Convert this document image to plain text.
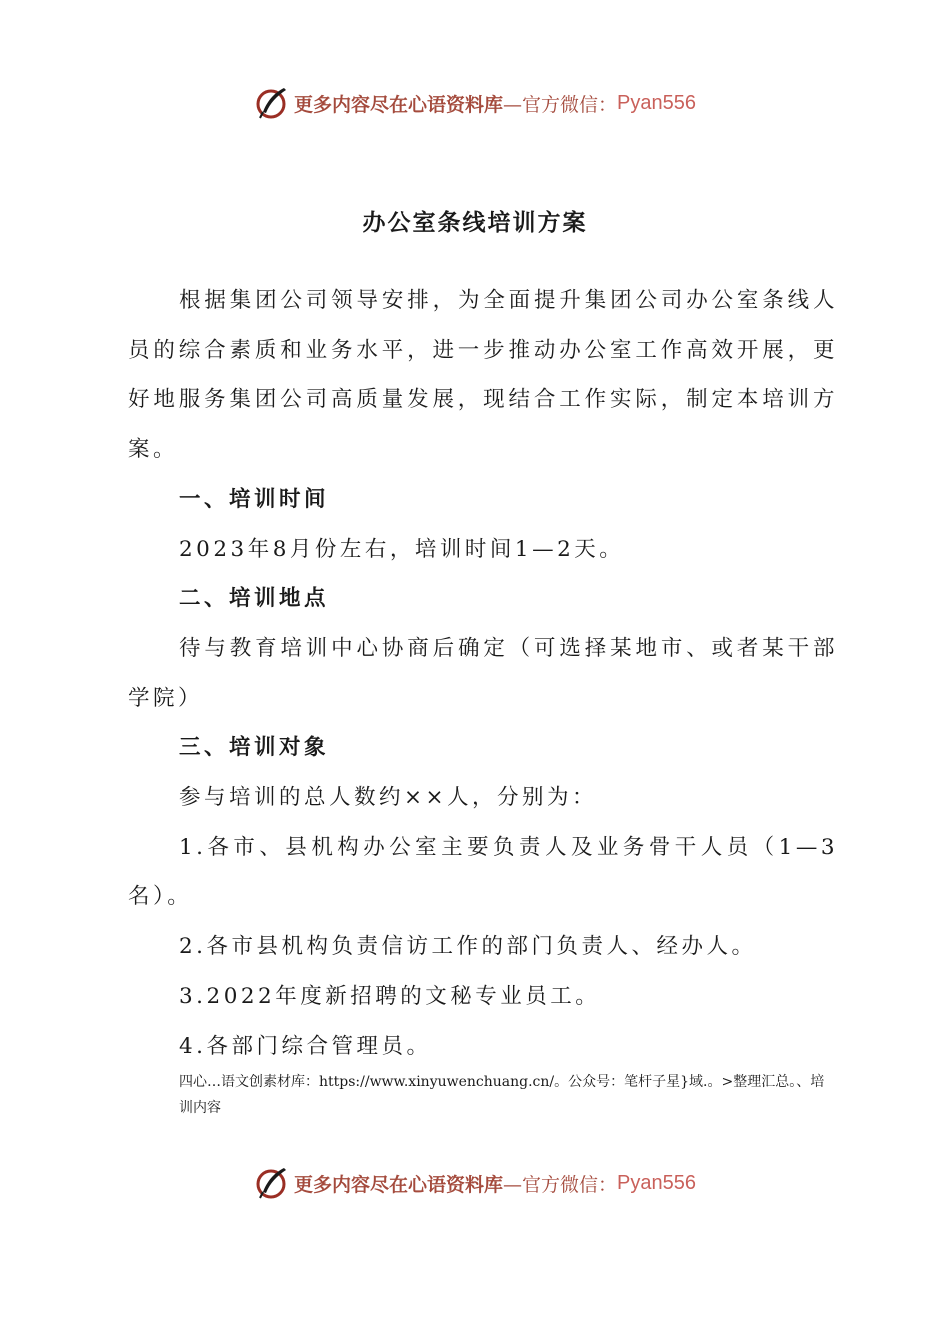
更多内容尽在心语资料库 —官方微信： Pyan556
办公室条线培训方案

根据集团公司领导安排，为全面提升集团公司办公室条线人员的综合素质和业务水平，进一步推动办公室工作高效开展，更好地服务集团公司高质量发展，现结合工作实际，制定本培训方案。

一、培训时间

2023年8月份左右，培训时间1—2天。

二、培训地点

待与教育培训中心协商后确定（可选择某地市、或者某干部学院）

三、培训对象

参与培训的总人数约××人，分别为：

1.各市、县机构办公室主要负责人及业务骨干人员（1—3名）。

2.各市县机构负责信访工作的部门负责人、经办人。

3.2022年度新招聘的文秘专业员工。

4.各部门综合管理员。

四心…语文创素材库：https://www.xinyuwenchuang.cn/。公众号：笔杆子星}域.。>整理汇总。、培训内容
更多内容尽在心语资料库 —官方微信： Pyan556
